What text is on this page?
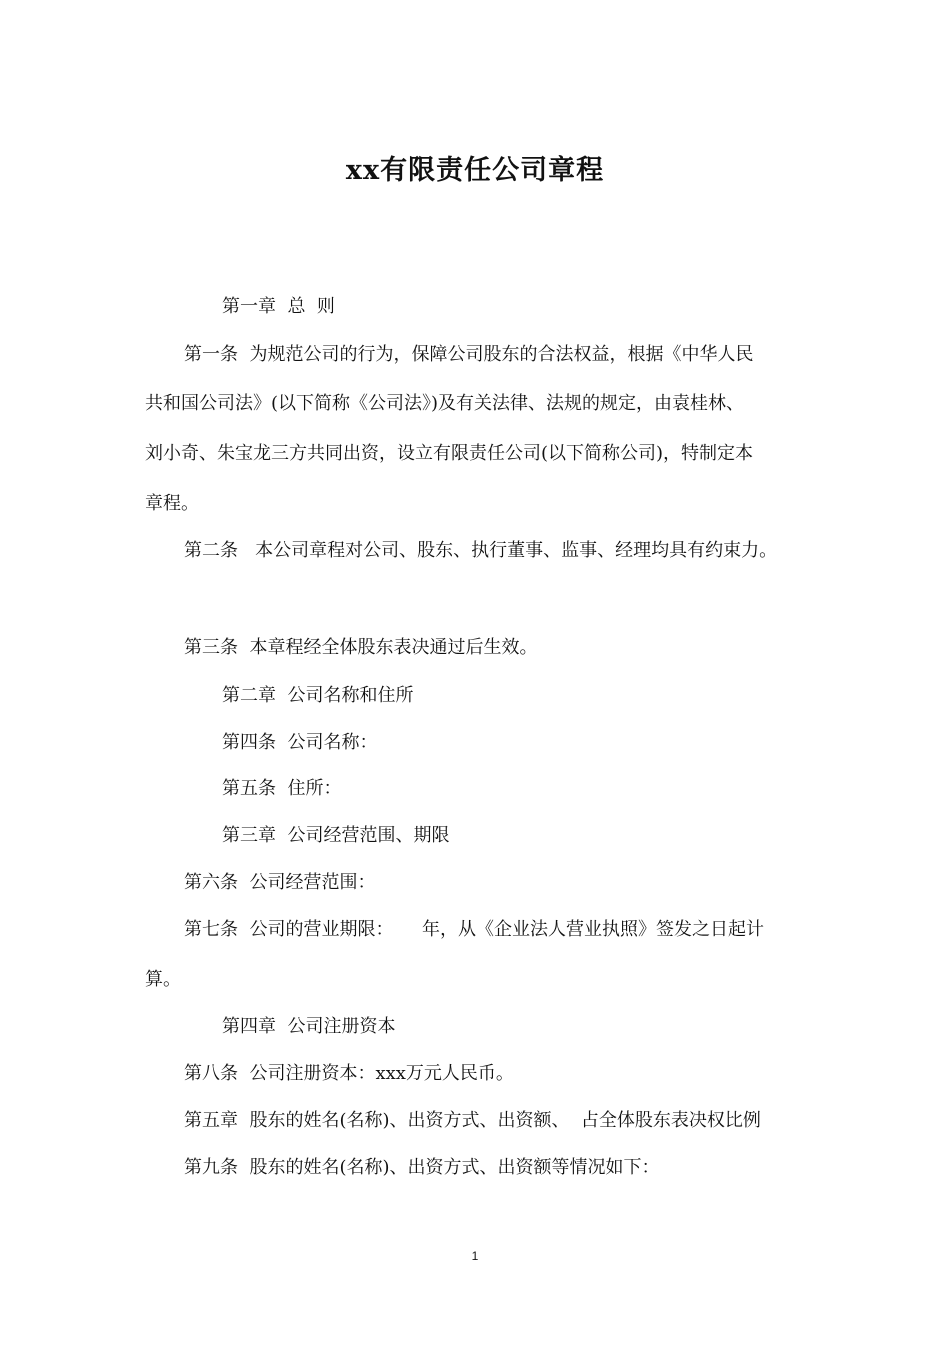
xx有限责任公司章程
第一章  总  则
第一条  为规范公司的行为，保障公司股东的合法权益，根据《中华人民
共和国公司法》(以下简称《公司法》)及有关法律、法规的规定，由袁桂林、
刘小奇、朱宝龙三方共同出资，设立有限责任公司(以下简称公司)，特制定本
章程。
第二条   本公司章程对公司、股东、执行董事、监事、经理均具有约束力。
第三条  本章程经全体股东表决通过后生效。
第二章  公司名称和住所
第四条  公司名称：
第五条  住所：
第三章  公司经营范围、期限
第六条  公司经营范围：
第七条  公司的营业期限：     年，从《企业法人营业执照》签发之日起计
算。
第四章  公司注册资本
第八条  公司注册资本：xxx万元人民币。
第五章  股东的姓名(名称)、出资方式、出资额、  占全体股东表决权比例
第九条  股东的姓名(名称)、出资方式、出资额等情况如下：
1
